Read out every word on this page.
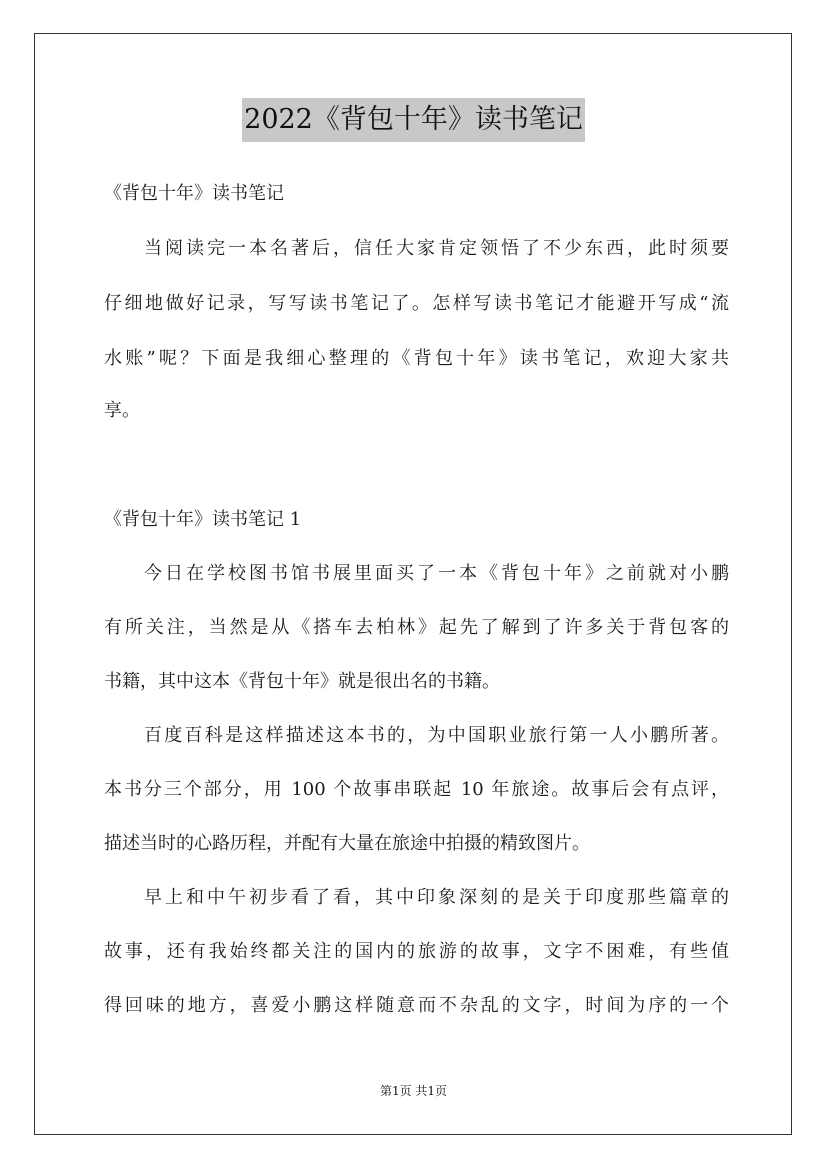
2022《背包十年》读书笔记

《背包十年》读书笔记

当阅读完一本名著后，信任大家肯定领悟了不少东西，此时须要

仔细地做好记录，写写读书笔记了。怎样写读书笔记才能避开写成“流

水账”呢？下面是我细心整理的《背包十年》读书笔记，欢迎大家共

享。

《背包十年》读书笔记 1

今日在学校图书馆书展里面买了一本《背包十年》之前就对小鹏

有所关注，当然是从《搭车去柏林》起先了解到了许多关于背包客的

书籍，其中这本《背包十年》就是很出名的书籍。

百度百科是这样描述这本书的，为中国职业旅行第一人小鹏所著。

本书分三个部分，用 100 个故事串联起 10 年旅途。故事后会有点评，

描述当时的心路历程，并配有大量在旅途中拍摄的精致图片。

早上和中午初步看了看，其中印象深刻的是关于印度那些篇章的

故事，还有我始终都关注的国内的旅游的故事，文字不困难，有些值

得回味的地方，喜爱小鹏这样随意而不杂乱的文字，时间为序的一个

第1页 共1页
